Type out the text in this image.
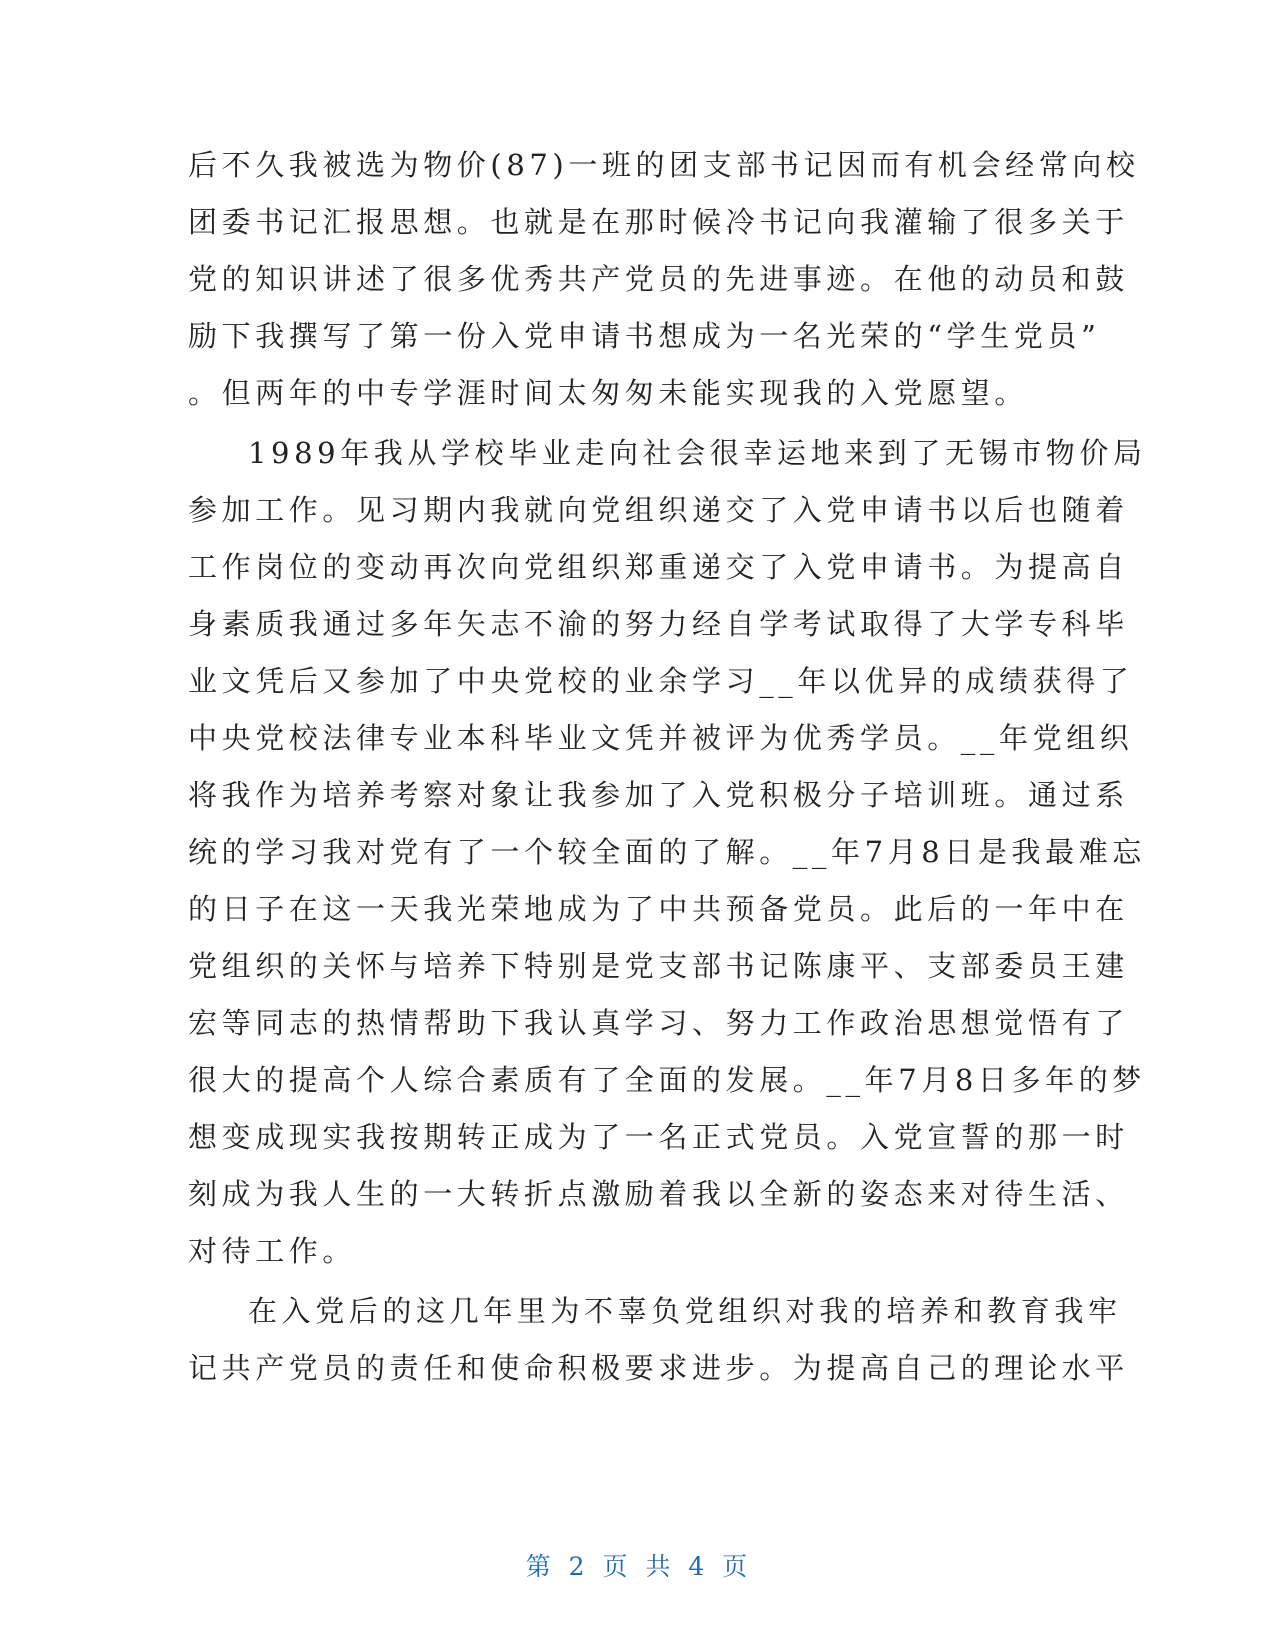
后不久我被选为物价(87)一班的团支部书记因而有机会经常向校
团委书记汇报思想。也就是在那时候冷书记向我灌输了很多关于
党的知识讲述了很多优秀共产党员的先进事迹。在他的动员和鼓
励下我撰写了第一份入党申请书想成为一名光荣的“学生党员”
。但两年的中专学涯时间太匆匆未能实现我的入党愿望。
1989年我从学校毕业走向社会很幸运地来到了无锡市物价局
参加工作。见习期内我就向党组织递交了入党申请书以后也随着
工作岗位的变动再次向党组织郑重递交了入党申请书。为提高自
身素质我通过多年矢志不渝的努力经自学考试取得了大学专科毕
业文凭后又参加了中央党校的业余学习__年以优异的成绩获得了
中央党校法律专业本科毕业文凭并被评为优秀学员。__年党组织
将我作为培养考察对象让我参加了入党积极分子培训班。通过系
统的学习我对党有了一个较全面的了解。__年7月8日是我最难忘
的日子在这一天我光荣地成为了中共预备党员。此后的一年中在
党组织的关怀与培养下特别是党支部书记陈康平、支部委员王建
宏等同志的热情帮助下我认真学习、努力工作政治思想觉悟有了
很大的提高个人综合素质有了全面的发展。__年7月8日多年的梦
想变成现实我按期转正成为了一名正式党员。入党宣誓的那一时
刻成为我人生的一大转折点激励着我以全新的姿态来对待生活、
对待工作。
在入党后的这几年里为不辜负党组织对我的培养和教育我牢
记共产党员的责任和使命积极要求进步。为提高自己的理论水平
第 2 页 共 4 页
